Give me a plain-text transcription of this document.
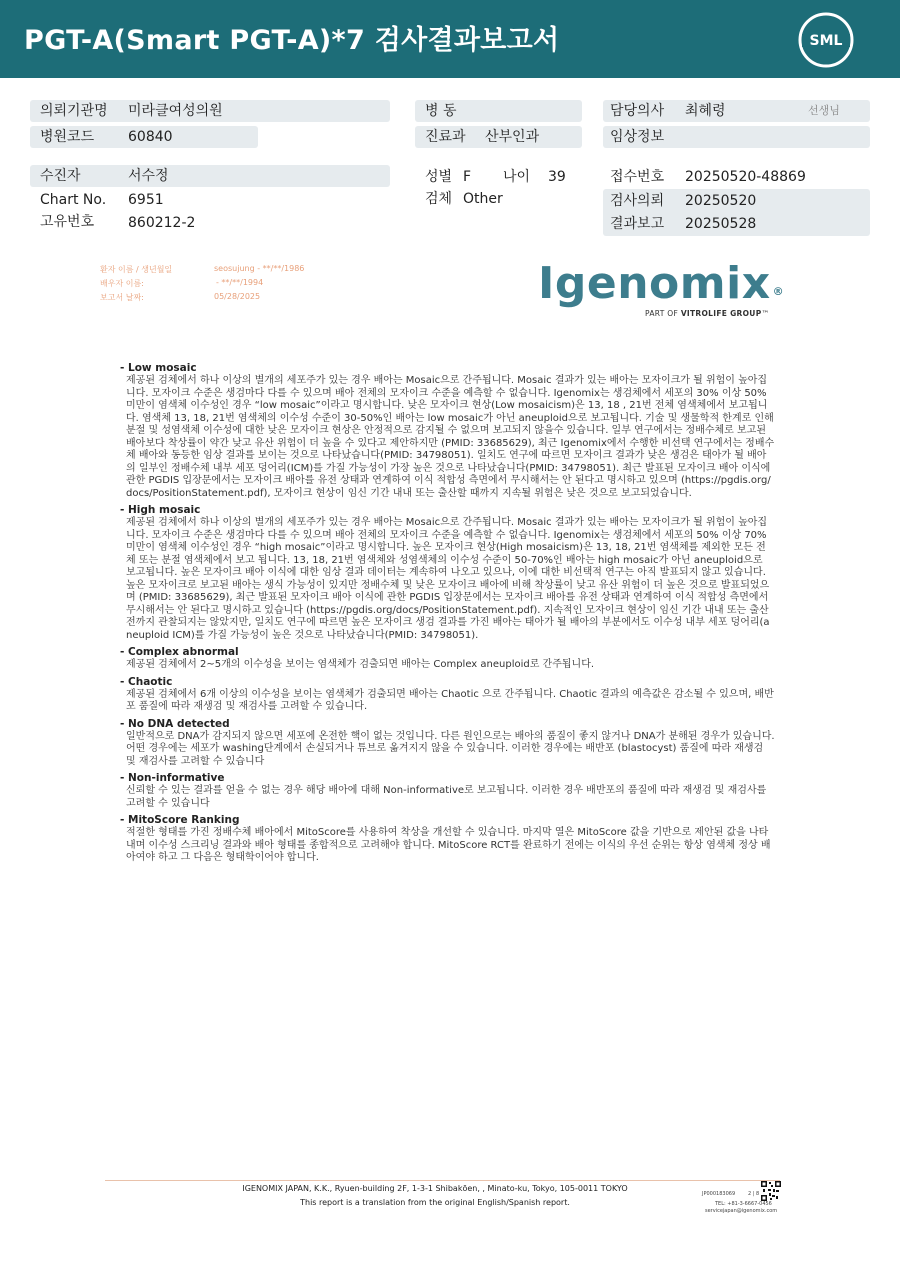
PGT-A(Smart PGT-A)*7 검사결과보고서	SML
의뢰기관명 미라클여성의원
병원코드 60840
수진자	서수정
Chart No. 6951
고유번호 860212-2
병 동
진료과 산부인과
성별 F 나이 39
검체 Other
담당의사 최혜령	선생님
임상정보
접수번호 20250520-48869
검사의뢰 20250520
결과보고 20250528
환자 이름 / 생년월일	seosujung - **/**/1986
배우자 이름:	- **/**/1994
보고서 날짜:	05/28/2025	Igenomix ®
PART OF VITROLIFE GROUP™
- Low mosaic
제공된 검체에서 하나 이상의 별개의 세포주가 있는 경우 배아는 Mosaic으로 간주됩니다. Mosaic 결과가 있는 배아는 모자이크가 될 위험이 높아집니다. 모자이크 수준은 생검마다 다를 수 있으며 배아 전체의 모자이크 수준을 예측할 수 없습니다. Igenomix는 생검체에서 세포의 30% 이상 50% 미만이 염색체 이수성인 경우 “low mosaic”이라고 명시합니다. 낮은 모자이크 현상(Low mosaicism)은 13, 18 , 21번 전체 염색체에서 보고됩니다. 염색체 13, 18, 21번 염색체의 이수성 수준이 30-50%인 배아는 low mosaic가 아닌 aneuploid으로 보고됩니다. 기술 및 생물학적 한계로 인해 분절 및 성염색체 이수성에 대한 낮은 모자이크 현상은 안정적으로 감지될 수 없으며 보고되지 않을수 있습니다. 일부 연구에서는 정배수체로 보고된 배아보다 착상률이 약간 낮고 유산 위험이 더 높을 수 있다고 제안하지만 (PMID: 33685629), 최근 Igenomix에서 수행한 비선택 연구에서는 정배수체 배아와 동등한 임상 결과를 보이는 것으로 나타났습니다(PMID: 34798051). 일치도 연구에 따르면 모자이크 결과가 낮은 생검은 태아가 될 배아의 일부인 정배수체 내부 세포 덩어리(ICM)를 가질 가능성이 가장 높은 것으로 나타났습니다(PMID: 34798051). 최근 발표된 모자이크 배아 이식에 관한 PGDIS 입장문에서는 모자이크 배아를 유전 상태과 연계하여 이식 적합성 측면에서 무시해서는 안 된다고 명시하고 있으며 (https://pgdis.org/docs/PositionStatement.pdf), 모자이크 현상이 임신 기간 내내 또는 출산할 때까지 지속될 위험은 낮은 것으로 보고되었습니다.
- High mosaic
제공된 검체에서 하나 이상의 별개의 세포주가 있는 경우 배아는 Mosaic으로 간주됩니다. Mosaic 결과가 있는 배아는 모자이크가 될 위험이 높아집니다. 모자이크 수준은 생검마다 다를 수 있으며 배아 전체의 모자이크 수준을 예측할 수 없습니다. Igenomix는 생검체에서 세포의 50% 이상 70% 미만이 염색체 이수성인 경우 “high mosaic”이라고 명시합니다. 높은 모자이크 현상(High mosaicism)은 13, 18, 21번 염색체를 제외한 모든 전체 또는 분절 염색체에서 보고 됩니다. 13, 18, 21번 염색체와 성염색체의 이수성 수준이 50-70%인 배아는 high mosaic가 아닌 aneuploid으로 보고됩니다. 높은 모자이크 배아 이식에 대한 임상 결과 데이터는 계속하여 나오고 있으나, 이에 대한 비선택적 연구는 아직 발표되지 않고 있습니다. 높은 모자이크로 보고된 배아는 생식 가능성이 있지만 정배수체 및 낮은 모자이크 배아에 비해 착상률이 낮고 유산 위험이 더 높은 것으로 발표되었으며 (PMID: 33685629), 최근 발표된 모자이크 배아 이식에 관한 PGDIS 입장문에서는 모자이크 배아를 유전 상태과 연계하여 이식 적합성 측면에서 무시해서는 안 된다고 명시하고 있습니다 (https://pgdis.org/docs/PositionStatement.pdf). 지속적인 모자이크 현상이 임신 기간 내내 또는 출산전까지 관찰되지는 않았지만, 일치도 연구에 따르면 높은 모자이크 생검 결과를 가진 배아는 태아가 될 배아의 부분에서도 이수성 내부 세포 덩어리(aneuploid ICM)를 가질 가능성이 높은 것으로 나타났습니다(PMID: 34798051).
- Complex abnormal
제공된 검체에서 2~5개의 이수성을 보이는 염색체가 검출되면 배아는 Complex aneuploid로 간주됩니다.
- Chaotic
제공된 검체에서 6개 이상의 이수성을 보이는 염색체가 검출되면 배아는 Chaotic 으로 간주됩니다. Chaotic 결과의 예측값은 감소될 수 있으며, 배반포 품질에 따라 재생검 및 재검사를 고려할 수 있습니다.
- No DNA detected
일반적으로 DNA가 감지되지 않으면 세포에 온전한 핵이 없는 것입니다. 다른 원인으로는 배아의 품질이 좋지 않거나 DNA가 분해된 경우가 있습니다. 어떤 경우에는 세포가 washing단계에서 손실되거나 튜브로 옮겨지지 않을 수 있습니다. 이러한 경우에는 배반포 (blastocyst) 품질에 따라 재생검 및 재검사를 고려할 수 있습니다
- Non-informative
신뢰할 수 있는 결과를 얻을 수 없는 경우 해당 배아에 대해 Non-informative로 보고됩니다. 이러한 경우 배반포의 품질에 따라 재생검 및 재검사를 고려할 수 있습니다
- MitoScore Ranking
적절한 형태를 가진 정배수체 배아에서 MitoScore를 사용하여 착상을 개선할 수 있습니다. 마지막 열은 MitoScore 값을 기반으로 제안된 값을 나타내며 이수성 스크리닝 결과와 배아 형태를 종합적으로 고려해야 합니다. MitoScore RCT를 완료하기 전에는 이식의 우선 순위는 항상 염색체 정상 배아여야 하고 그 다음은 형태학이어야 합니다.
IGENOMIX JAPAN, K.K., Ryuen-building 2F, 1-3-1 Shibakōen, , Minato-ku, Tokyo, 105-0011 TOKYO
This report is a translation from the original English/Spanish report.
JP000183069	2 | 8
TEL: +81-3-6667-0456
servicejapan@igenomix.com
